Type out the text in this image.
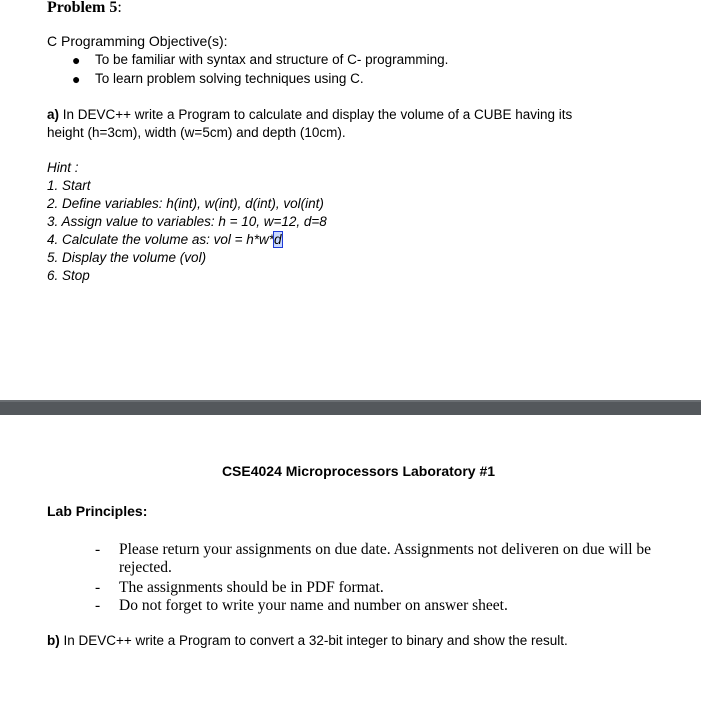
Problem 5:
C Programming Objective(s):
● To be familiar with syntax and structure of C- programming.
● To learn problem solving techniques using C.
a) In DEVC++ write a Program to calculate and display the volume of a CUBE having its
height (h=3cm), width (w=5cm) and depth (10cm).
Hint :
1. Start
2. Define variables: h(int), w(int), d(int), vol(int)
3. Assign value to variables: h = 10, w=12, d=8
4. Calculate the volume as: vol = h*w*d
5. Display the volume (vol)
6. Stop
CSE4024 Microprocessors Laboratory #1
Lab Principles:
- Please return your assignments on due date. Assignments not deliveren on due will be
rejected.
- The assignments should be in PDF format.
- Do not forget to write your name and number on answer sheet.
b) In DEVC++ write a Program to convert a 32-bit integer to binary and show the result.
